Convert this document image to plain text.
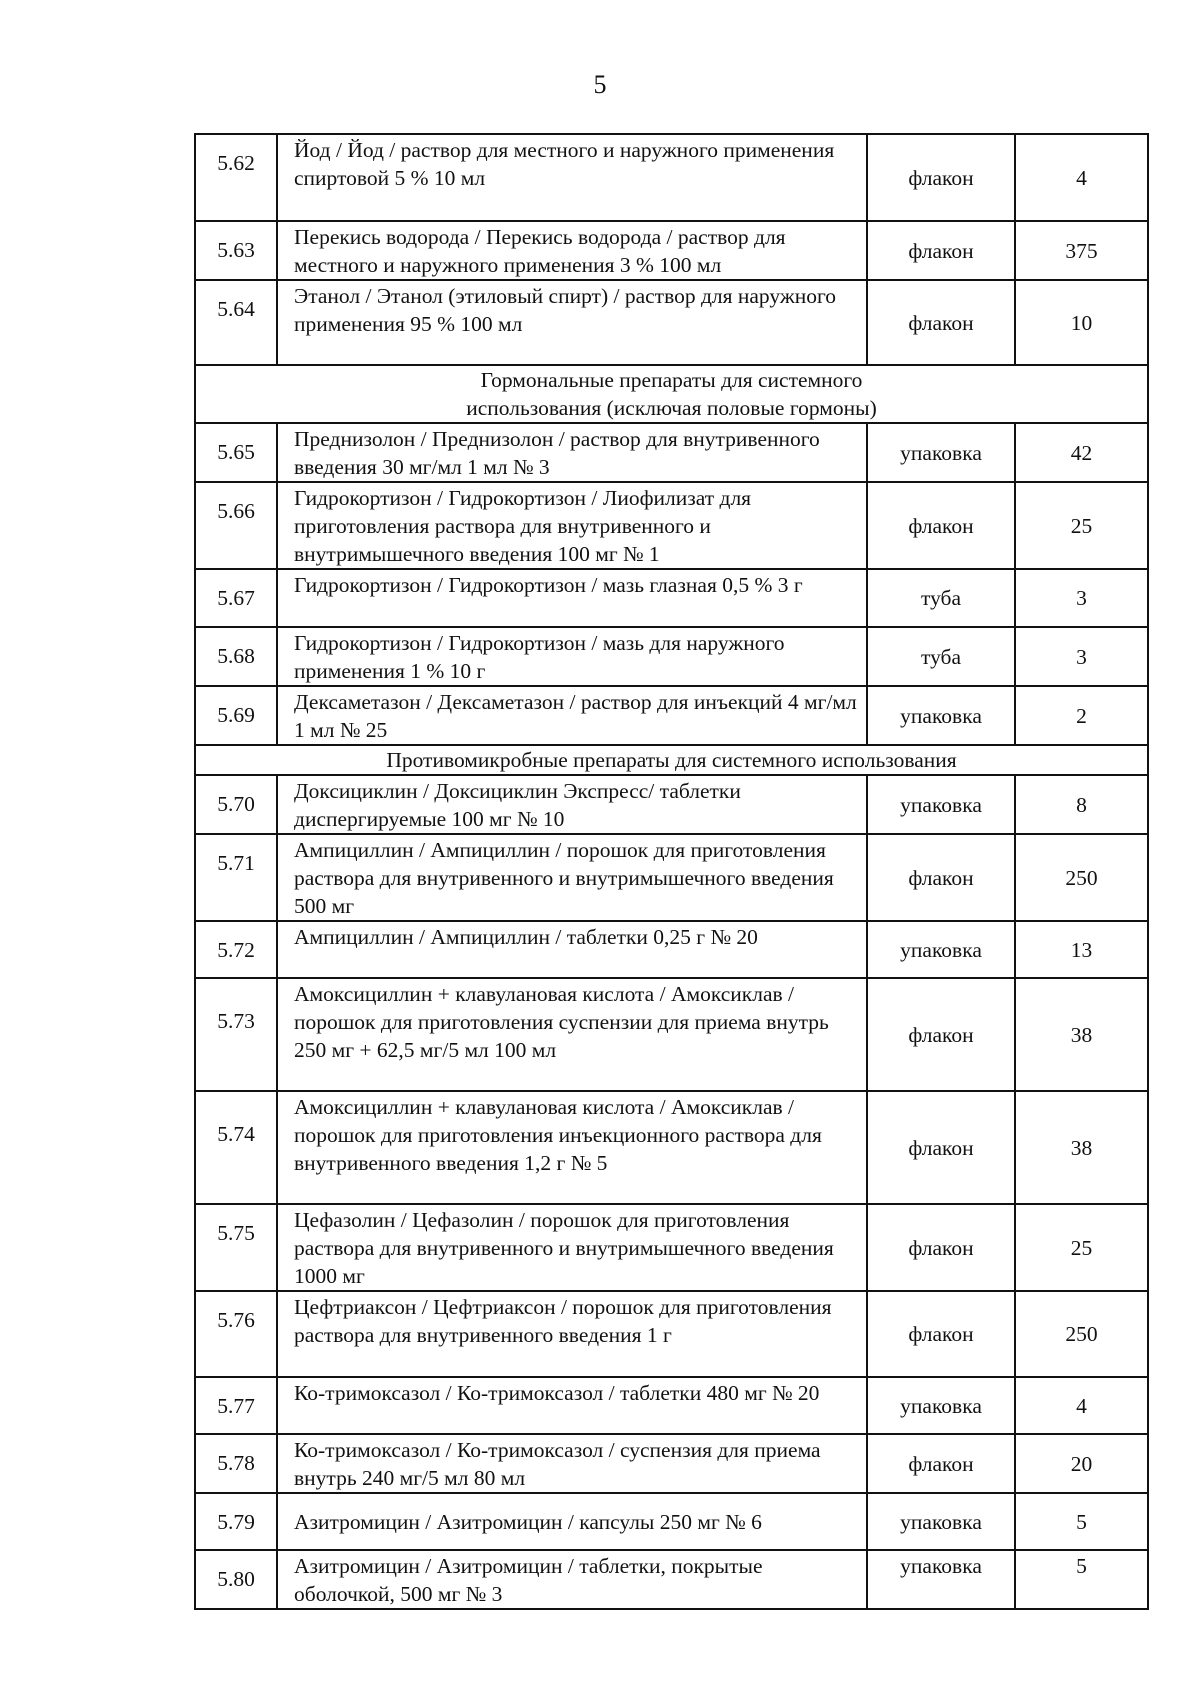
5
5.62	Йод / Йод / раствор для местного и наружного применения спиртовой 5 % 10 мл	флакон	4
5.63	Перекись водорода / Перекись водорода / раствор для местного и наружного применения 3 % 100 мл	флакон	375
5.64	Этанол / Этанол (этиловый спирт) / раствор для наружного применения 95 % 100 мл	флакон	10
Гормональные препараты для системного использования (исключая половые гормоны)			
5.65	Преднизолон / Преднизолон / раствор для внутривенного введения 30 мг/мл 1 мл № 3	упаковка	42
5.66	Гидрокортизон / Гидрокортизон / Лиофилизат для приготовления раствора для внутривенного и внутримышечного введения 100 мг № 1	флакон	25
5.67	Гидрокортизон / Гидрокортизон / мазь глазная 0,5 % 3 г	туба	3
5.68	Гидрокортизон / Гидрокортизон / мазь для наружного применения 1 % 10 г	туба	3
5.69	Дексаметазон / Дексаметазон / раствор для инъекций 4 мг/мл 1 мл № 25	упаковка	2
Противомикробные препараты для системного использования			
5.70	Доксициклин / Доксициклин Экспресс/ таблетки диспергируемые 100 мг № 10	упаковка	8
5.71	Ампициллин / Ампициллин / порошок для приготовления раствора для внутривенного и внутримышечного введения 500 мг	флакон	250
5.72	Ампициллин / Ампициллин / таблетки 0,25 г № 20	упаковка	13
5.73	Амоксициллин + клавулановая кислота / Амоксиклав / порошок для приготовления суспензии для приема внутрь 250 мг + 62,5 мг/5 мл 100 мл	флакон	38
5.74	Амоксициллин + клавулановая кислота / Амоксиклав / порошок для приготовления инъекционного раствора для внутривенного введения 1,2 г № 5	флакон	38
5.75	Цефазолин / Цефазолин / порошок для приготовления раствора для внутривенного и внутримышечного введения 1000 мг	флакон	25
5.76	Цефтриаксон / Цефтриаксон / порошок для приготовления раствора для внутривенного введения 1 г	флакон	250
5.77	Ко-тримоксазол / Ко-тримоксазол / таблетки 480 мг № 20	упаковка	4
5.78	Ко-тримоксазол / Ко-тримоксазол / суспензия для приема внутрь 240 мг/5 мл 80 мл	флакон	20
5.79	Азитромицин / Азитромицин / капсулы 250 мг № 6	упаковка	5
5.80	Азитромицин / Азитромицин / таблетки, покрытые оболочкой, 500 мг № 3	упаковка	5
